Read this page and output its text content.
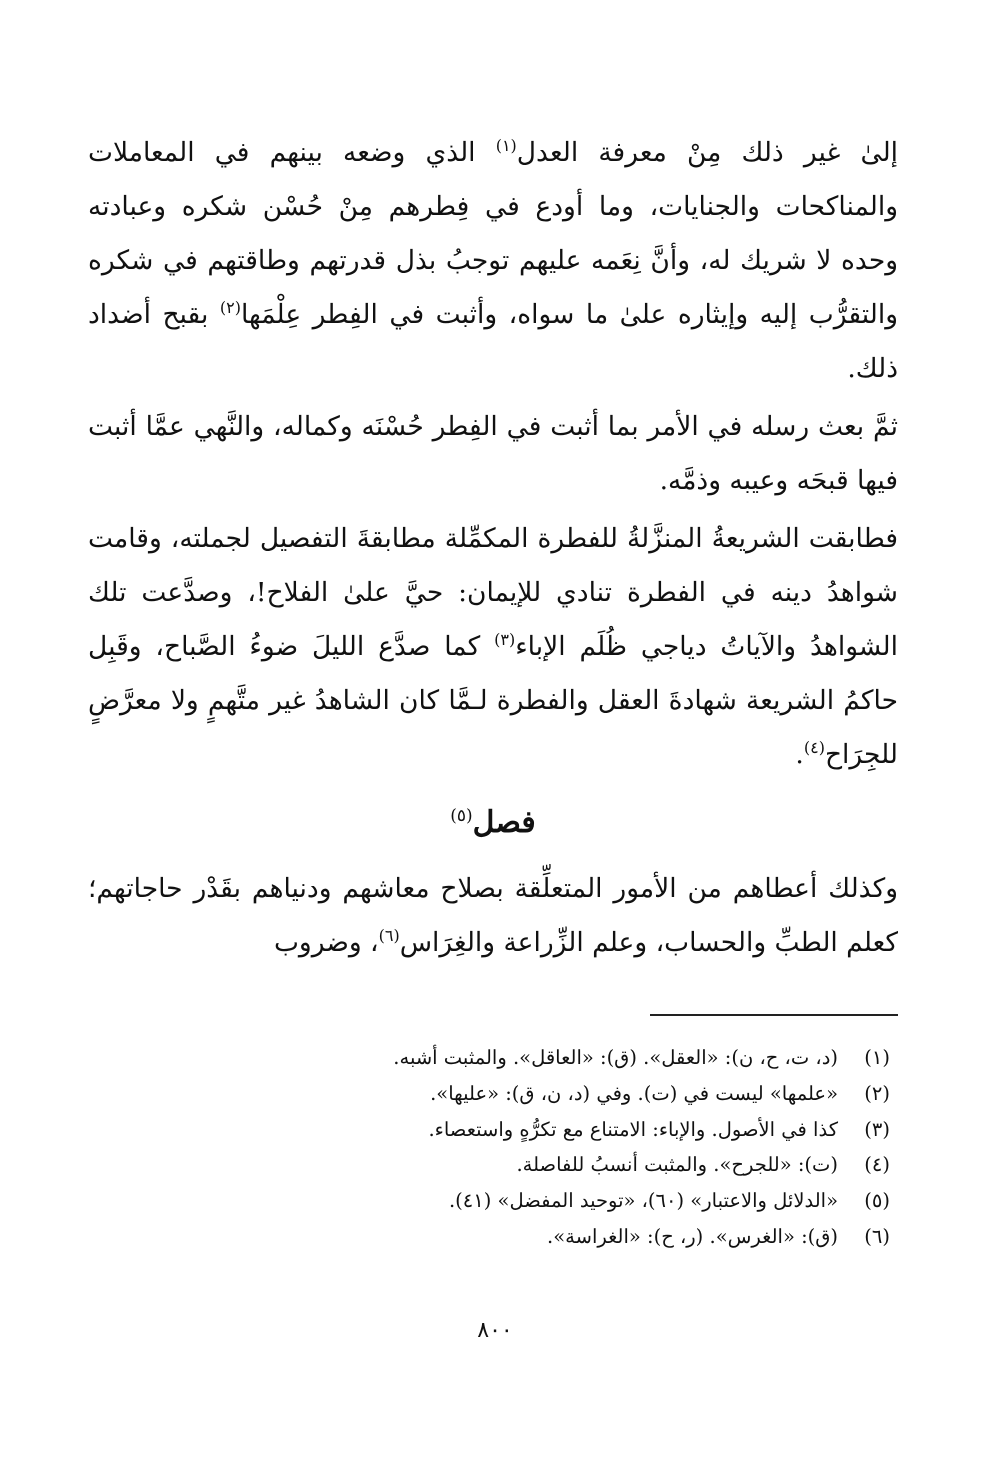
إلىٰ غير ذلك مِنْ معرفة العدل$^{(١)}$ الذي وضعه بينهم في المعاملات والمناكحات والجنايات، وما أودع في فِطرهم مِنْ حُسْن شكره وعبادته وحده لا شريك له، وأنَّ نِعَمه عليهم توجبُ بذل قدرتهم وطاقتهم في شكره والتقرُّب إليه وإيثاره علىٰ ما سواه، وأثبت في الفِطر عِلْمَها$^{(٢)}$ بقبح أضداد ذلك.

ثمَّ بعث رسله في الأمر بما أثبت في الفِطر حُسْنَه وكماله، والنَّهي عمَّا أثبت فيها قبحَه وعيبه وذمَّه.

فطابقت الشريعةُ المنزَّلةُ للفطرة المكمِّلة مطابقةَ التفصيل لجملته، وقامت شواهدُ دينه في الفطرة تنادي للإيمان: حيَّ علىٰ الفلاح!، وصدَّعت تلك الشواهدُ والآياتُ دياجي ظُلَم الإباء$^{(٣)}$ كما صدَّع الليلَ ضوءُ الصَّباح، وقَبِل حاكمُ الشريعة شهادةَ العقل والفطرة لـمَّا كان الشاهدُ غير متَّهمٍ ولا معرَّضٍ للجِرَاح$^{(٤)}$.

فصل$^{(٥)}$

وكذلك أعطاهم من الأمور المتعلِّقة بصلاح معاشهم ودنياهم بقَدْر حاجاتهم؛ كعلم الطبِّ والحساب، وعلم الزِّراعة والغِرَاس$^{(٦)}$، وضروب

(١)
(د، ت، ح، ن): «العقل». (ق): «العاقل». والمثبت أشبه.
(٢)
«علمها» ليست في (ت). وفي (د، ن، ق): «عليها».
(٣)
كذا في الأصول. والإباء: الامتناع مع تكرُّهٍ واستعصاء.
(٤)
(ت): «للجرح». والمثبت أنسبُ للفاصلة.
(٥)
«الدلائل والاعتبار» (٦٠)، «توحيد المفضل» (٤١).
(٦)
(ق): «الغرس». (ر، ح): «الغراسة».
٨٠٠
